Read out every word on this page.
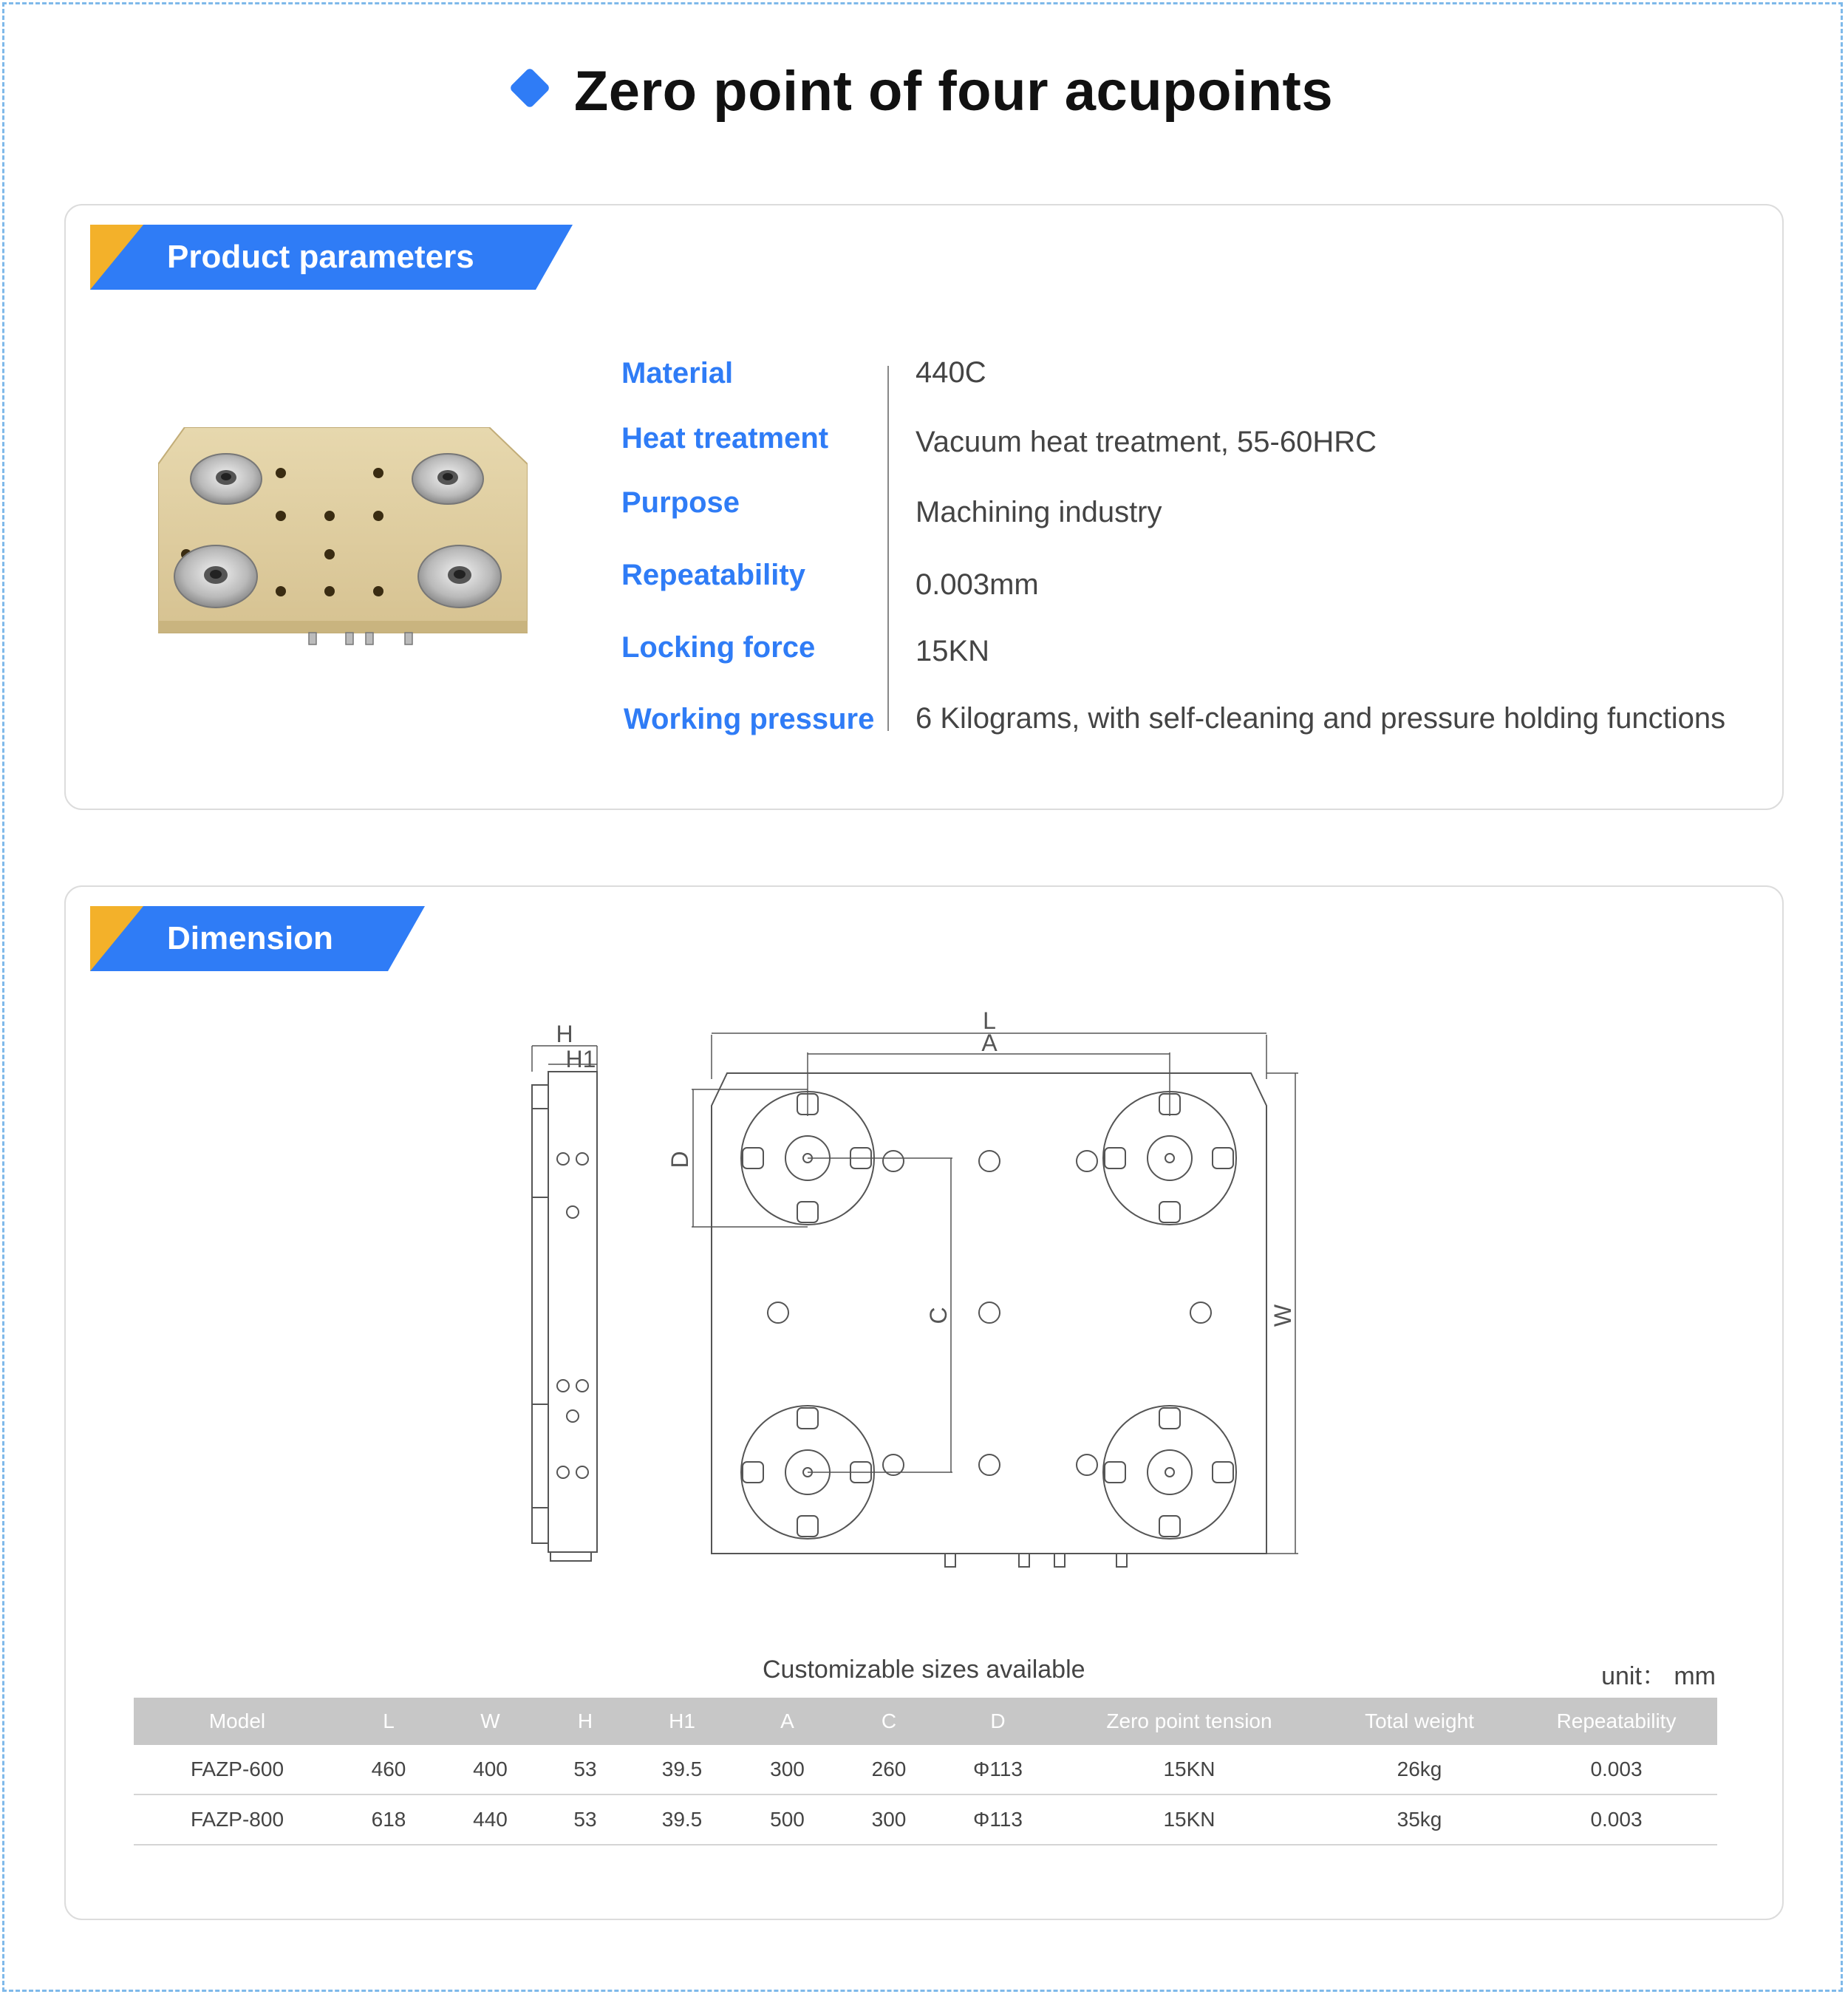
Zero point of four acupoints
Product parameters
Material	440C
Heat treatment	Vacuum heat treatment, 55-60HRC
Purpose	Machining industry
Repeatability	0.003mm
Locking force	15KN
Working pressure 6 Kilograms, with self-cleaning and pressure holding functions
Dimension
H
H1
L
A
D
C	W
Customizable sizes available	unit： mm
Model	L	W	H	H1	A	C	D	Zero point tension	Total weight	Repeatability
FAZP-600	460	400	53	39.5	300	260	Φ113	15KN	26kg	0.003
FAZP-800	618	440	53	39.5	500	300	Φ113	15KN	35kg	0.003
